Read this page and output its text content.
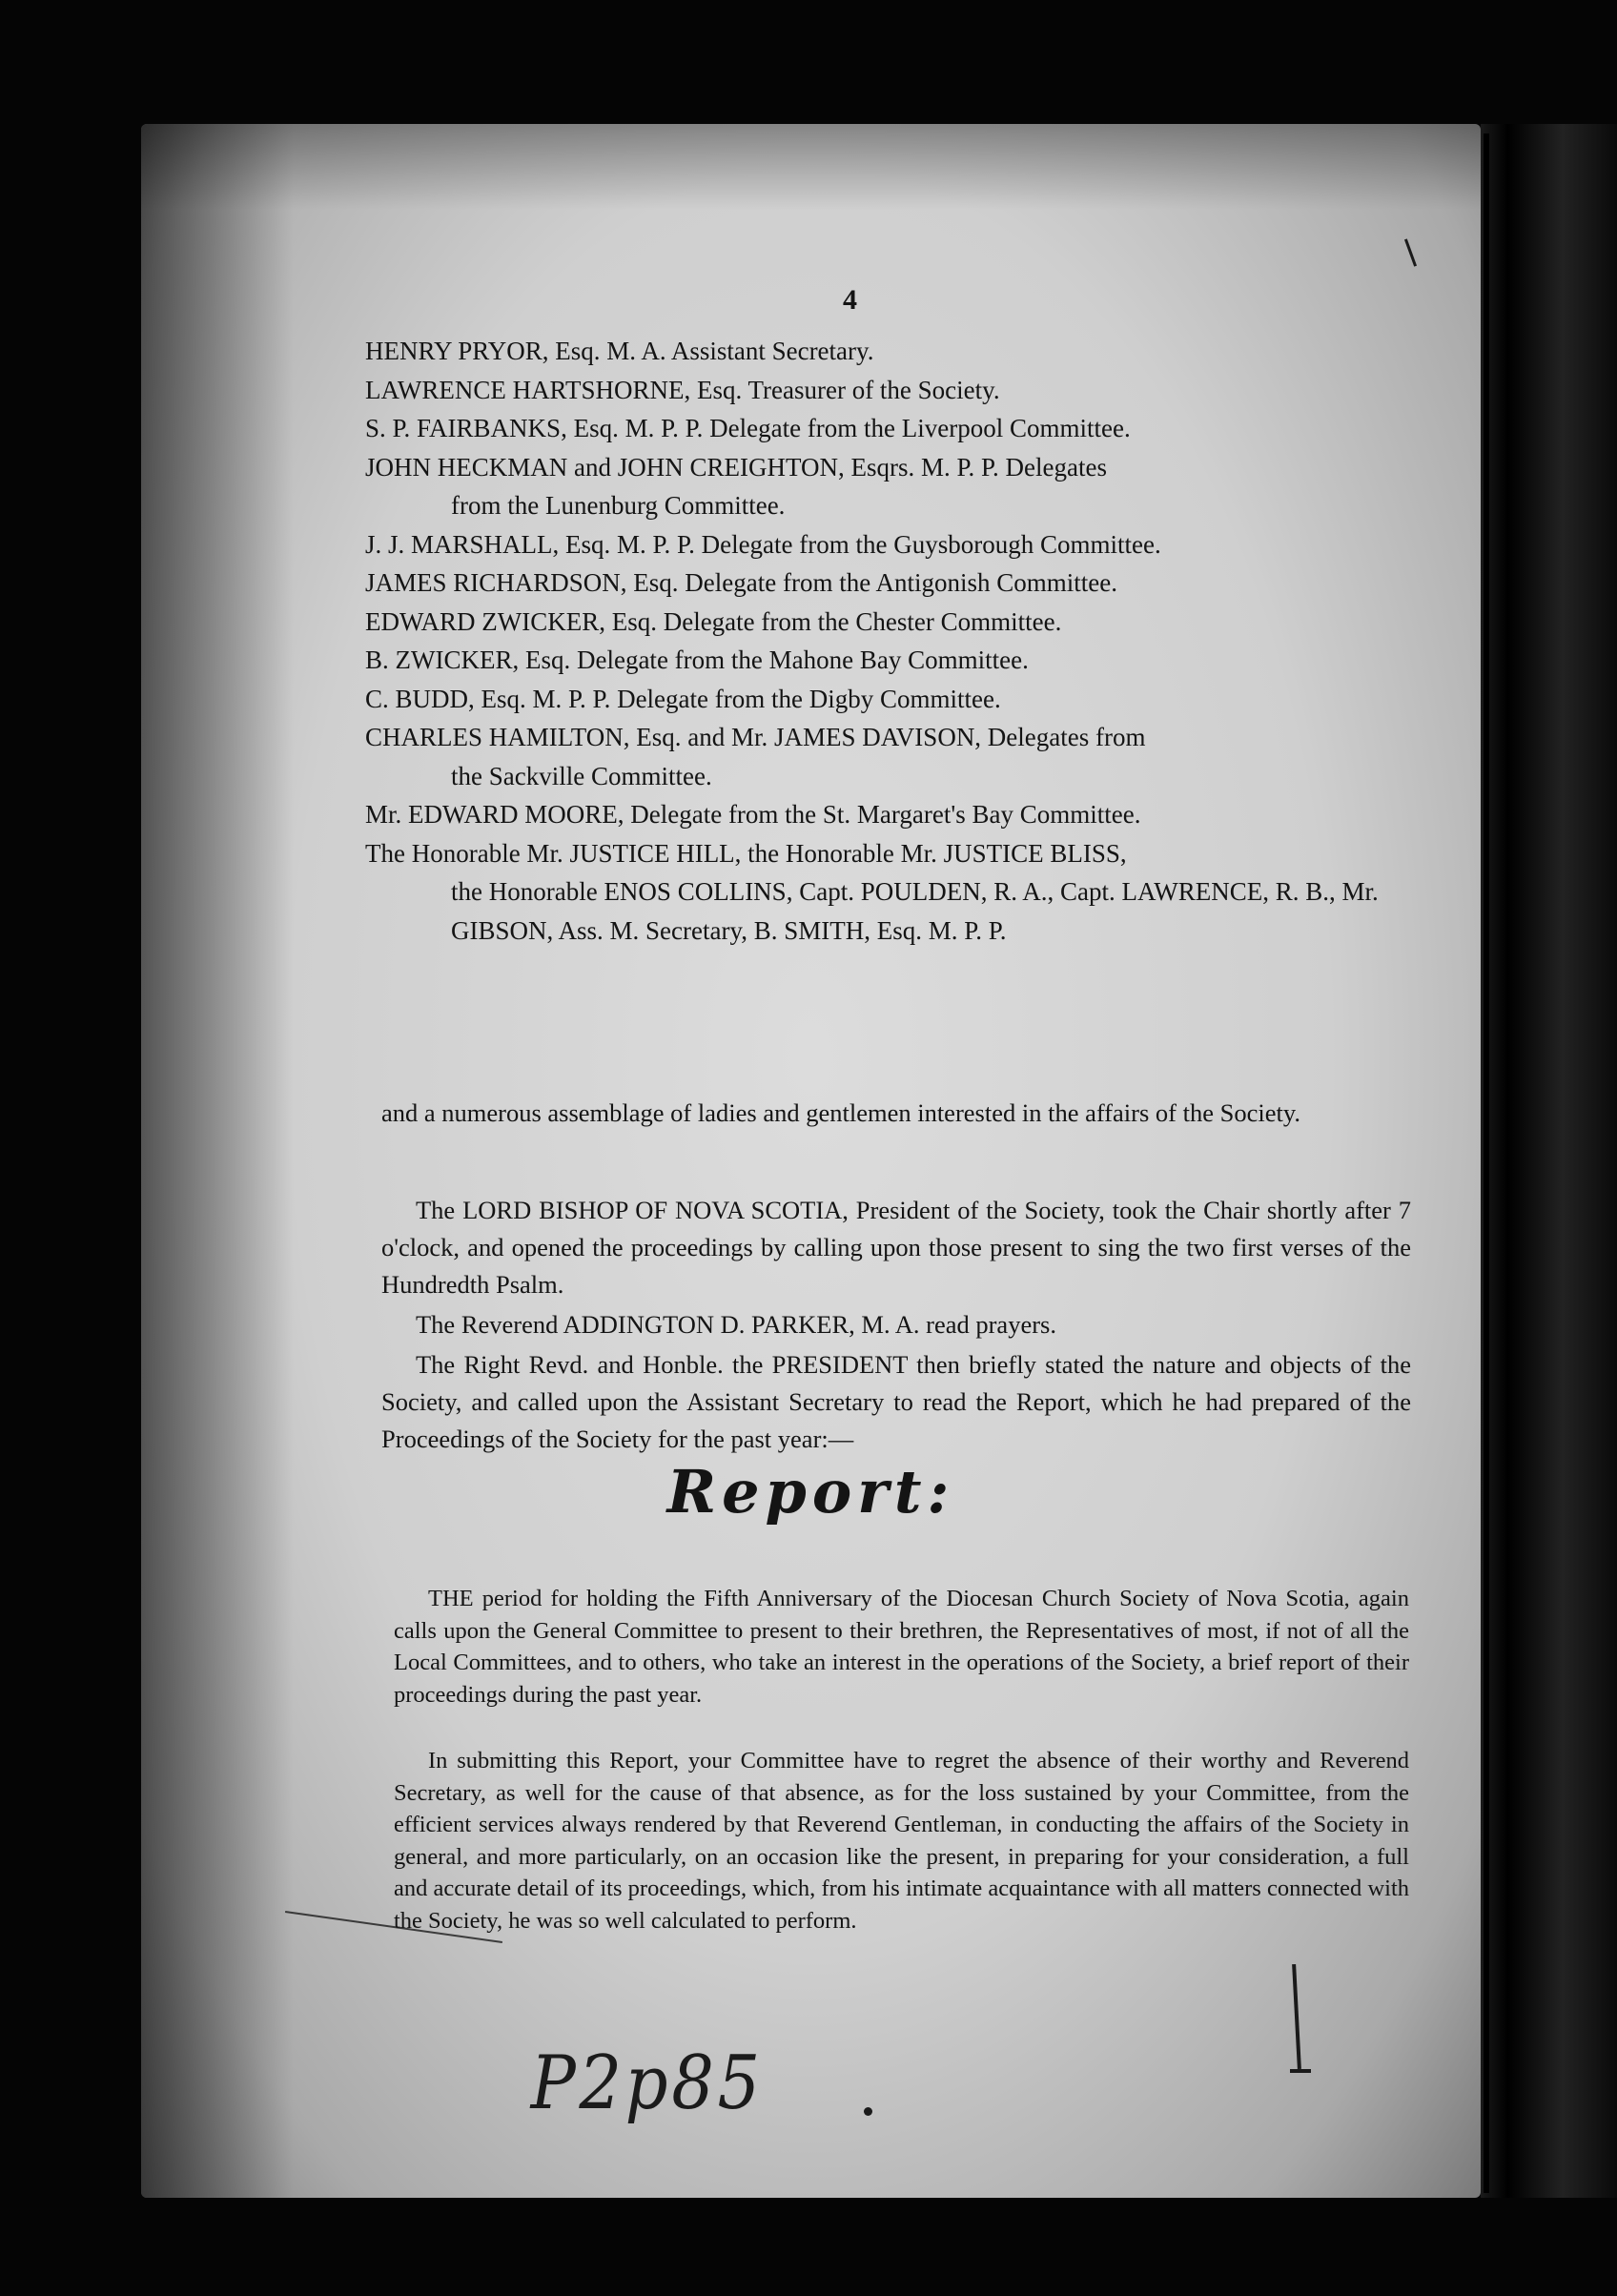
4

HENRY PRYOR, Esq. M. A. Assistant Secretary.

LAWRENCE HARTSHORNE, Esq. Treasurer of the Society.

S. P. FAIRBANKS, Esq. M. P. P. Delegate from the Liverpool Committee.

JOHN HECKMAN and JOHN CREIGHTON, Esqrs. M. P. P. Delegates
from the Lunenburg Committee.

J. J. MARSHALL, Esq. M. P. P. Delegate from the Guysborough Committee.

JAMES RICHARDSON, Esq. Delegate from the Antigonish Committee.

EDWARD ZWICKER, Esq. Delegate from the Chester Committee.

B. ZWICKER, Esq. Delegate from the Mahone Bay Committee.

C. BUDD, Esq. M. P. P. Delegate from the Digby Committee.

CHARLES HAMILTON, Esq. and Mr. JAMES DAVISON, Delegates from
the Sackville Committee.

Mr. EDWARD MOORE, Delegate from the St. Margaret's Bay Committee.

The Honorable Mr. JUSTICE HILL, the Honorable Mr. JUSTICE BLISS,
the Honorable ENOS COLLINS, Capt. POULDEN, R. A., Capt. LAWRENCE, R. B., Mr. GIBSON, Ass. M. Secretary, B. SMITH, Esq. M. P. P.

and a numerous assemblage of ladies and gentlemen interested in the affairs of the Society.

The LORD BISHOP OF NOVA SCOTIA, President of the Society, took the Chair shortly after 7 o'clock, and opened the proceedings by calling upon those present to sing the two first verses of the Hundredth Psalm.

The Reverend ADDINGTON D. PARKER, M. A. read prayers.

The Right Revd. and Honble. the PRESIDENT then briefly stated the nature and objects of the Society, and called upon the Assistant Secretary to read the Report, which he had prepared of the Proceedings of the Society for the past year:—

Report:

THE period for holding the Fifth Anniversary of the Diocesan Church Society of Nova Scotia, again calls upon the General Committee to present to their brethren, the Representatives of most, if not of all the Local Committees, and to others, who take an interest in the operations of the Society, a brief report of their proceedings during the past year.

In submitting this Report, your Committee have to regret the absence of their worthy and Reverend Secretary, as well for the cause of that absence, as for the loss sustained by your Committee, from the efficient services always rendered by that Reverend Gentleman, in conducting the affairs of the Society in general, and more particularly, on an occasion like the present, in preparing for your consideration, a full and accurate detail of its proceedings, which, from his intimate acquaintance with all matters connected with the Society, he was so well calculated to perform.

P2p85
